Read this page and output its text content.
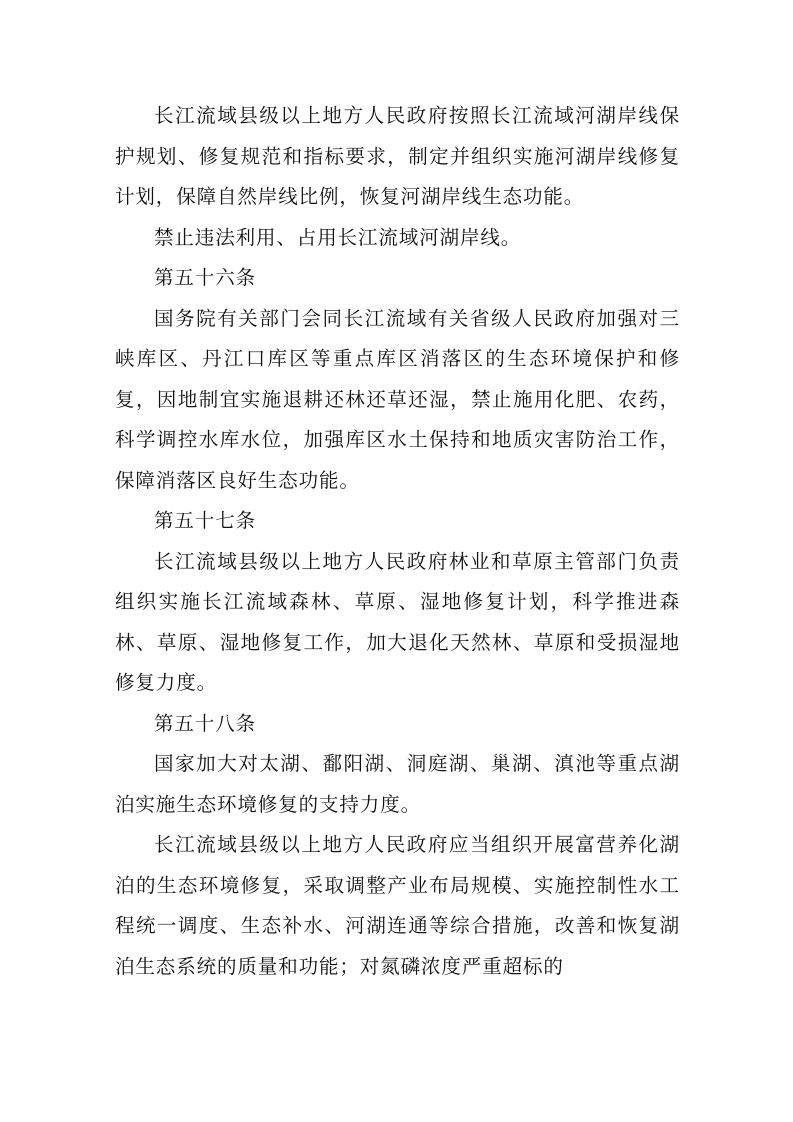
长江流域县级以上地方人民政府按照长江流域河湖岸线保护规划、修复规范和指标要求，制定并组织实施河湖岸线修复计划，保障自然岸线比例，恢复河湖岸线生态功能。

禁止违法利用、占用长江流域河湖岸线。

第五十六条

国务院有关部门会同长江流域有关省级人民政府加强对三峡库区、丹江口库区等重点库区消落区的生态环境保护和修复，因地制宜实施退耕还林还草还湿，禁止施用化肥、农药，科学调控水库水位，加强库区水土保持和地质灾害防治工作，保障消落区良好生态功能。

第五十七条

长江流域县级以上地方人民政府林业和草原主管部门负责组织实施长江流域森林、草原、湿地修复计划，科学推进森林、草原、湿地修复工作，加大退化天然林、草原和受损湿地修复力度。

第五十八条

国家加大对太湖、鄱阳湖、洞庭湖、巢湖、滇池等重点湖泊实施生态环境修复的支持力度。

长江流域县级以上地方人民政府应当组织开展富营养化湖泊的生态环境修复，采取调整产业布局规模、实施控制性水工程统一调度、生态补水、河湖连通等综合措施，改善和恢复湖泊生态系统的质量和功能；对氮磷浓度严重超标的
